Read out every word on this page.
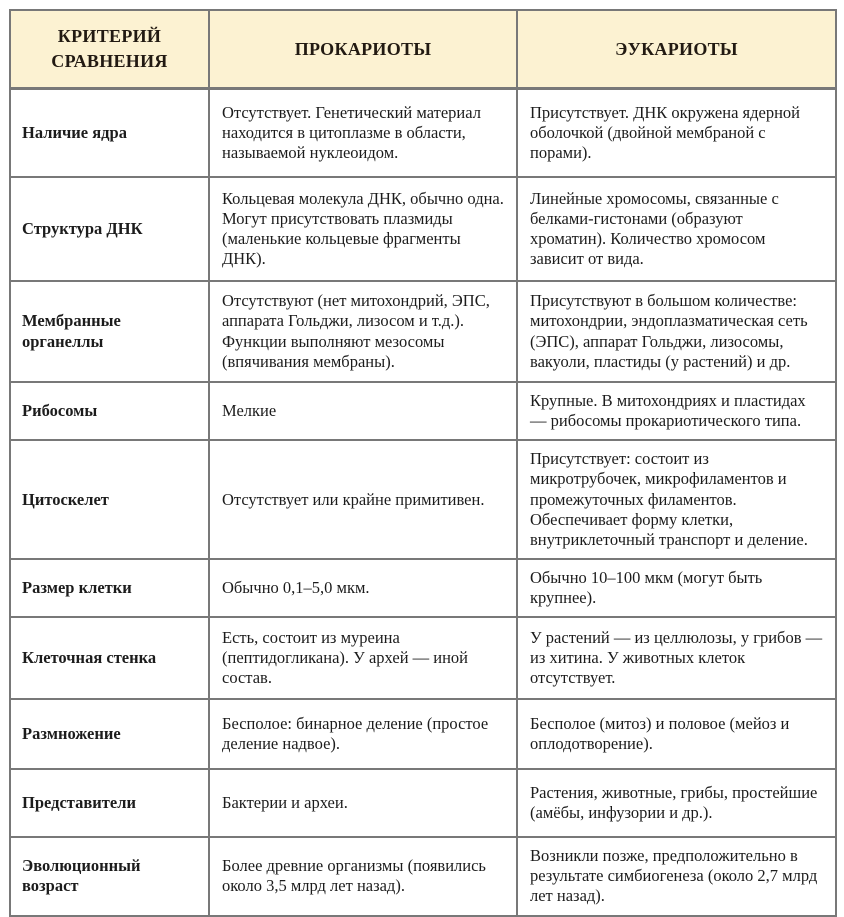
КРИТЕРИЙ СРАВНЕНИЯ	ПРОКАРИОТЫ	ЭУКАРИОТЫ
Наличие ядра	Отсутствует. Генетический материал находится в цитоплазме в области, называемой нуклеоидом.	Присутствует. ДНК окружена ядерной оболочкой (двойной мембраной с порами).
Структура ДНК	Кольцевая молекула ДНК, обычно одна. Могут присутствовать плазмиды (маленькие кольцевые фрагменты ДНК).	Линейные хромосомы, связанные с белками-гистонами (образуют хроматин). Количество хромосом зависит от вида.
Мембранные органеллы	Отсутствуют (нет митохондрий, ЭПС, аппарата Гольджи, лизосом и т.д.). Функции выполняют мезосомы (впячивания мембраны).	Присутствуют в большом количестве: митохондрии, эндоплазматическая сеть (ЭПС), аппарат Гольджи, лизосомы, вакуоли, пластиды (у растений) и др.
Рибосомы	Мелкие	Крупные. В митохондриях и пластидах — рибосомы прокариотического типа.
Цитоскелет	Отсутствует или крайне примитивен.	Присутствует: состоит из микротрубочек, микрофиламентов и промежуточных филаментов. Обеспечивает форму клетки, внутриклеточный транспорт и деление.
Размер клетки	Обычно 0,1–5,0 мкм.	Обычно 10–100 мкм (могут быть крупнее).
Клеточная стенка	Есть, состоит из муреина (пептидогликана). У архей — иной состав.	У растений — из целлюлозы, у грибов — из хитина. У животных клеток отсутствует.
Размножение	Бесполое: бинарное деление (простое деление надвое).	Бесполое (митоз) и половое (мейоз и оплодотворение).
Представители	Бактерии и археи.	Растения, животные, грибы, простейшие (амёбы, инфузории и др.).
Эволюционный возраст	Более древние организмы (появились около 3,5 млрд лет назад).	Возникли позже, предположительно в результате симбиогенеза (около 2,7 млрд лет назад).
